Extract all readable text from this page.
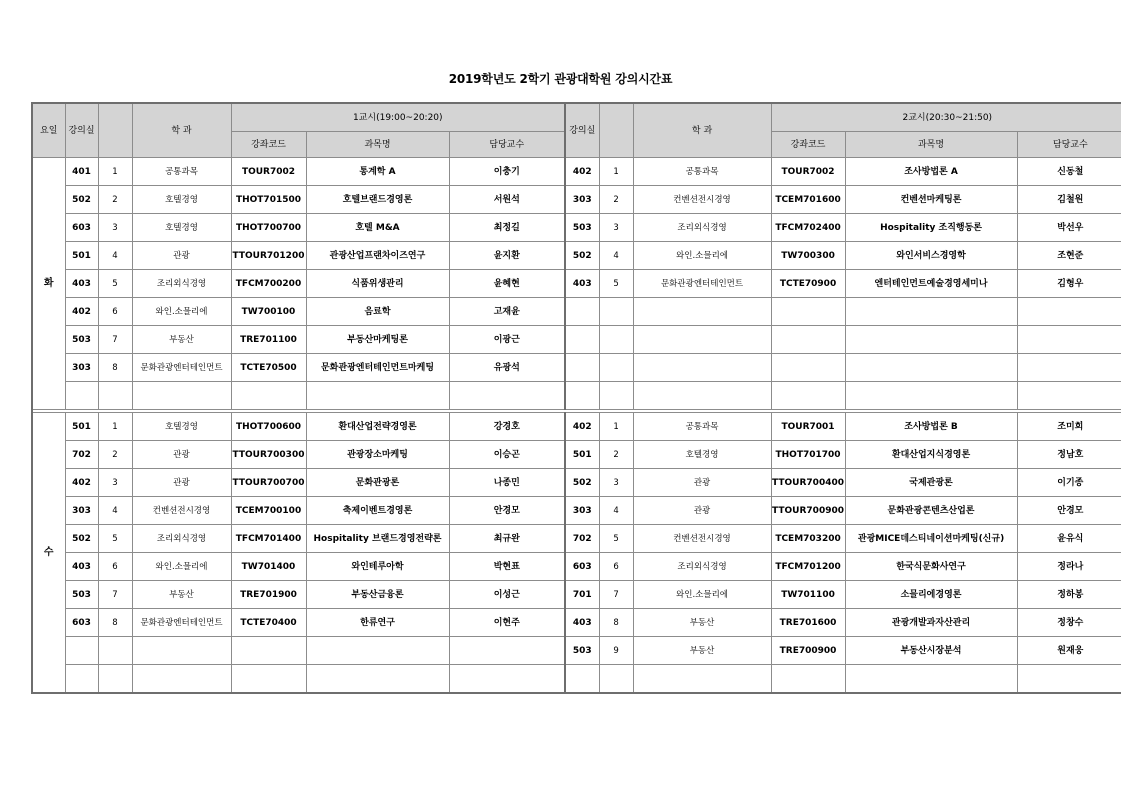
2019학년도 2학기 관광대학원 강의시간표
요일	강의실		학 과	1교시(19:00~20:20)			강의실		학 과	2교시(20:30~21:50)		
				강좌코드	과목명	담당교수				강좌코드	과목명	담당교수
화	401	1	공통과목	TOUR7002	통계학 A	이충기	402	1	공통과목	TOUR7002	조사방법론 A	신동철
	502	2	호텔경영	THOT701500	호텔브랜드경영론	서원석	303	2	컨벤션전시경영	TCEM701600	컨벤션마케팅론	김철원
	603	3	호텔경영	THOT700700	호텔 M&A	최정길	503	3	조리외식경영	TFCM702400	Hospitality 조직행동론	박선우
	501	4	관광	TTOUR701200	관광산업프랜차이즈연구	윤지환	502	4	와인.소믈리에	TW700300	와인서비스경영학	조현준
	403	5	조리외식경영	TFCM700200	식품위생관리	윤혜현	403	5	문화관광엔터테인먼트	TCTE70900	엔터테인먼트예술경영세미나	김형우
	402	6	와인.소믈리에	TW700100	음료학	고재윤						
	503	7	부동산	TRE701100	부동산마케팅론	이광근						
	303	8	문화관광엔터테인먼트	TCTE70500	문화관광엔터테인먼트마케팅	유광석						

수	501	1	호텔경영	THOT700600	환대산업전략경영론	강경호	402	1	공통과목	TOUR7001	조사방법론 B	조미희
	702	2	관광	TTOUR700300	관광장소마케팅	이승곤	501	2	호텔경영	THOT701700	환대산업지식경영론	정남호
	402	3	관광	TTOUR700700	문화관광론	나종민	502	3	관광	TTOUR700400	국제관광론	이기종
	303	4	컨벤션전시경영	TCEM700100	축제이벤트경영론	안경모	303	4	관광	TTOUR700900	문화관광콘텐츠산업론	안경모
	502	5	조리외식경영	TFCM701400	Hospitality 브랜드경영전략론	최규완	702	5	컨벤션전시경영	TCEM703200	관광MICE데스티네이션마케팅(신규)	윤유식
	403	6	와인.소믈리에	TW701400	와인테루아학	박현표	603	6	조리외식경영	TFCM701200	한국식문화사연구	정라나
	503	7	부동산	TRE701900	부동산금융론	이성근	701	7	와인.소믈리에	TW701100	소믈리에경영론	정하봉
	603	8	문화관광엔터테인먼트	TCTE70400	한류연구	이현주	403	8	부동산	TRE701600	관광개발과자산관리	정창수
							503	9	부동산	TRE700900	부동산시장분석	원재웅
